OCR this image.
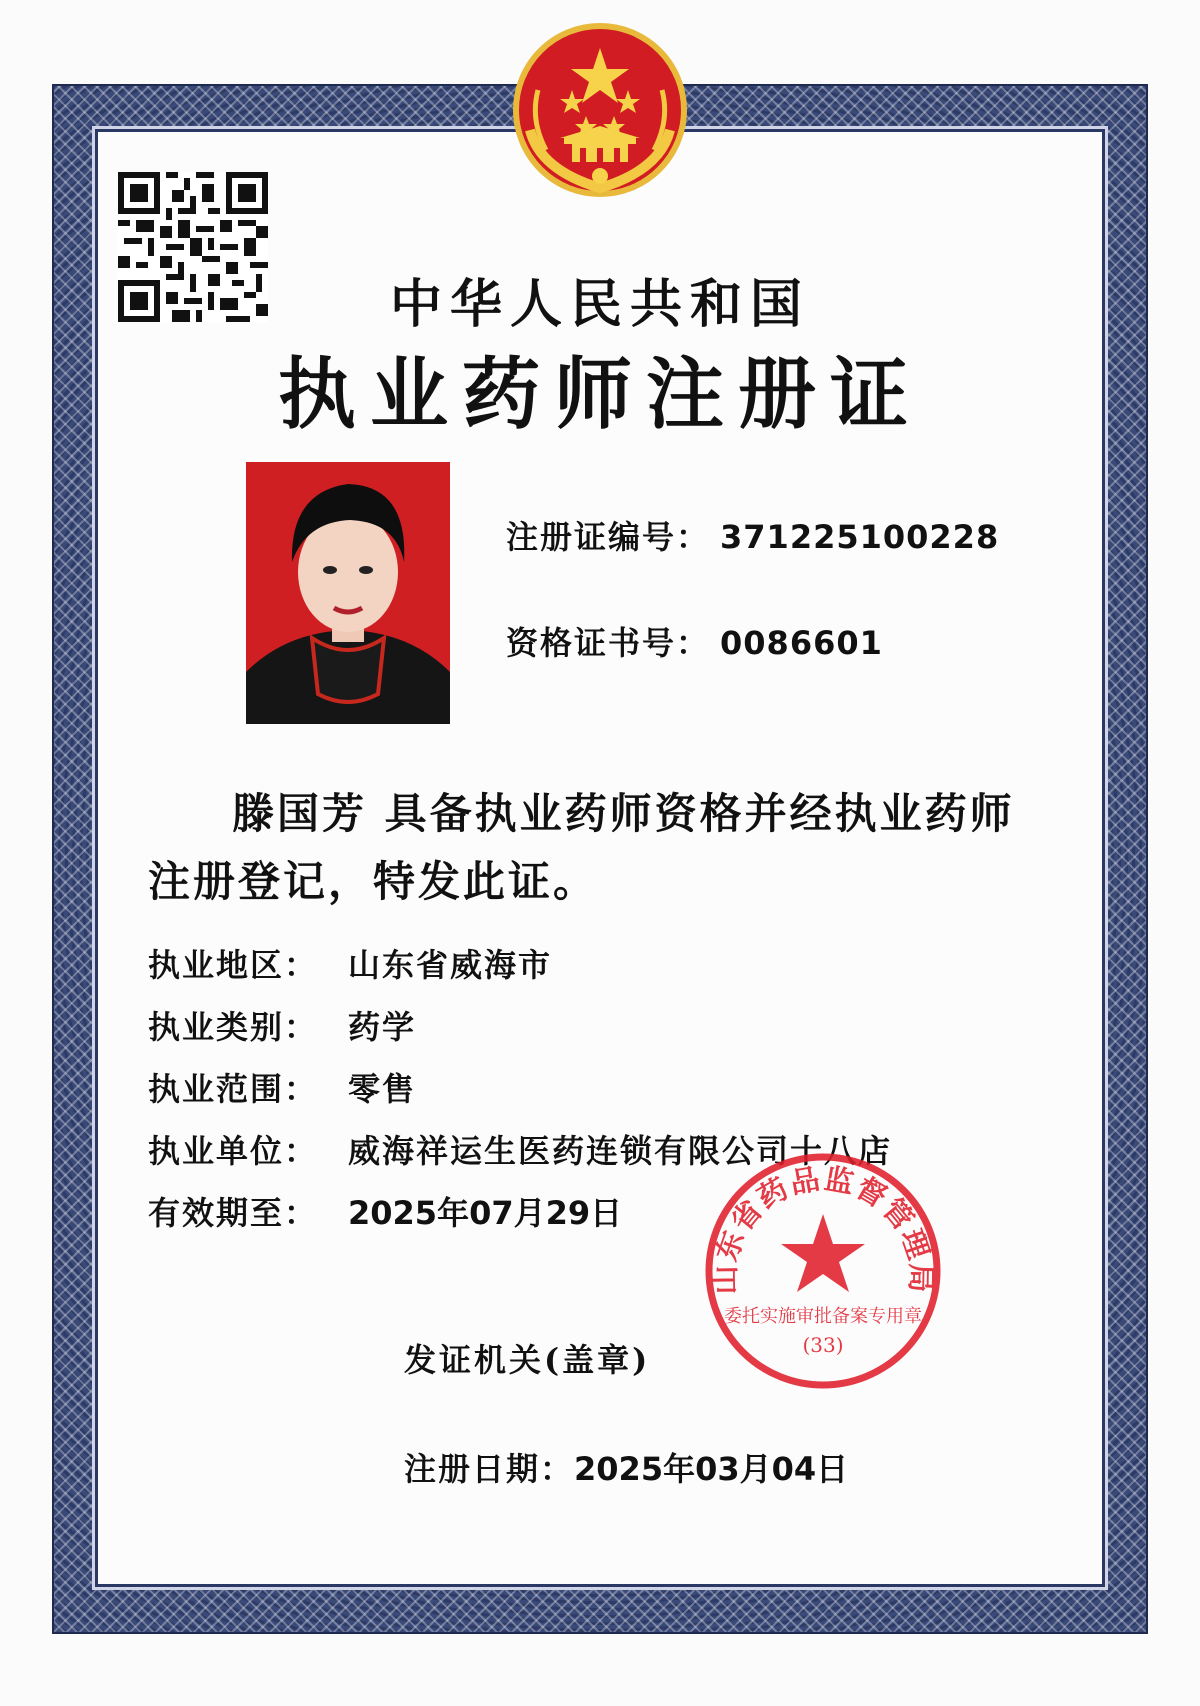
中华人民共和国
执业药师注册证
注册证编号： 371225100228
资格证书号： 0086601
滕国芳 具备执业药师资格并经执业药师
注册登记，特发此证。
执业地区： 山东省威海市
执业类别： 药学
执业范围： 零售
执业单位： 威海祥运生医药连锁有限公司十八店
有效期至： 2025年07月29日
发证机关(盖章)
注册日期：2025年03月04日
山东省药品监督管理局
委托实施审批备案专用章
(33)
